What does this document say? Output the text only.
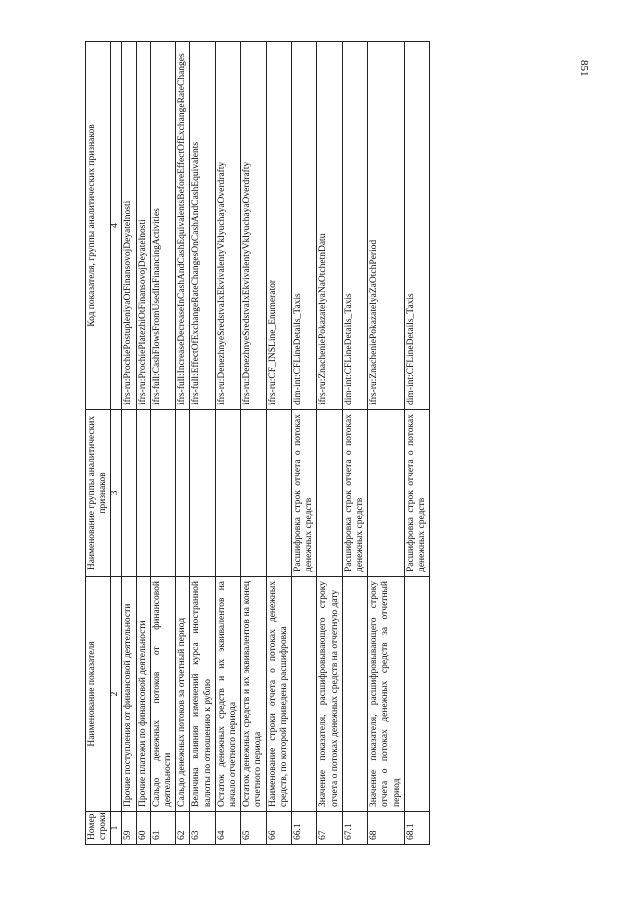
851
Номер строки	Наименование показателя	Наименование группы аналитических признаков	Код показателя, группы аналитических признаков
1	2	3	4
59	Прочие поступления от финансовой деятельности		ifrs-ru:ProchiePostupleniyaOtFinansovojDeyatelnosti
60	Прочие платежи по финансовой деятельности		ifrs-ru:ProchiePlatezhiOtFinansovojDeyatelnosti
61	Сальдо денежных потоков от финансовой деятельности		ifrs-full:CashFlowsFromUsedInFinancingActivities
62	Сальдо денежных потоков за отчетный период		ifrs-full:IncreaseDecreaseInCashAndCashEquivalentsBeforeEffectOfExchangeRateChanges
63	Величина влияния изменений курса иностранной валюты по отношению к рублю		ifrs-full:EffectOfExchangeRateChangesOnCashAndCashEquivalents
64	Остаток денежных средств и их эквивалентов на начало отчетного периода		ifrs-ru:DenezhnyeSredstvaIxEkvivalentyVklyuchayaOverdrafty
65	Остаток денежных средств и их эквивалентов на конец отчетного периода		ifrs-ru:DenezhnyeSredstvaIxEkvivalentyVklyuchayaOverdrafty
66	Наименование строки отчета о потоках денежных средств, по которой приведена расшифровка		ifrs-ru:CF_INSLine_Enumerator
66.1		Расшифровка строк отчета о потоках денежных средств	dim-int:CFLineDetails_Taxis
67	Значение показателя, расшифровывающего строку отчета о потоках денежных средств на отчетную дату		ifrs-ru:ZnacheniePokazatelyaNaOtchetnDatu
67.1		Расшифровка строк отчета о потоках денежных средств	dim-int:CFLineDetails_Taxis
68	Значение показателя, расшифровывающего строку отчета о потоках денежных средств за отчетный период		ifrs-ru:ZnacheniePokazatelyaZaOtchPeriod
68.1		Расшифровка строк отчета о потоках денежных средств	dim-int:CFLineDetails_Taxis
